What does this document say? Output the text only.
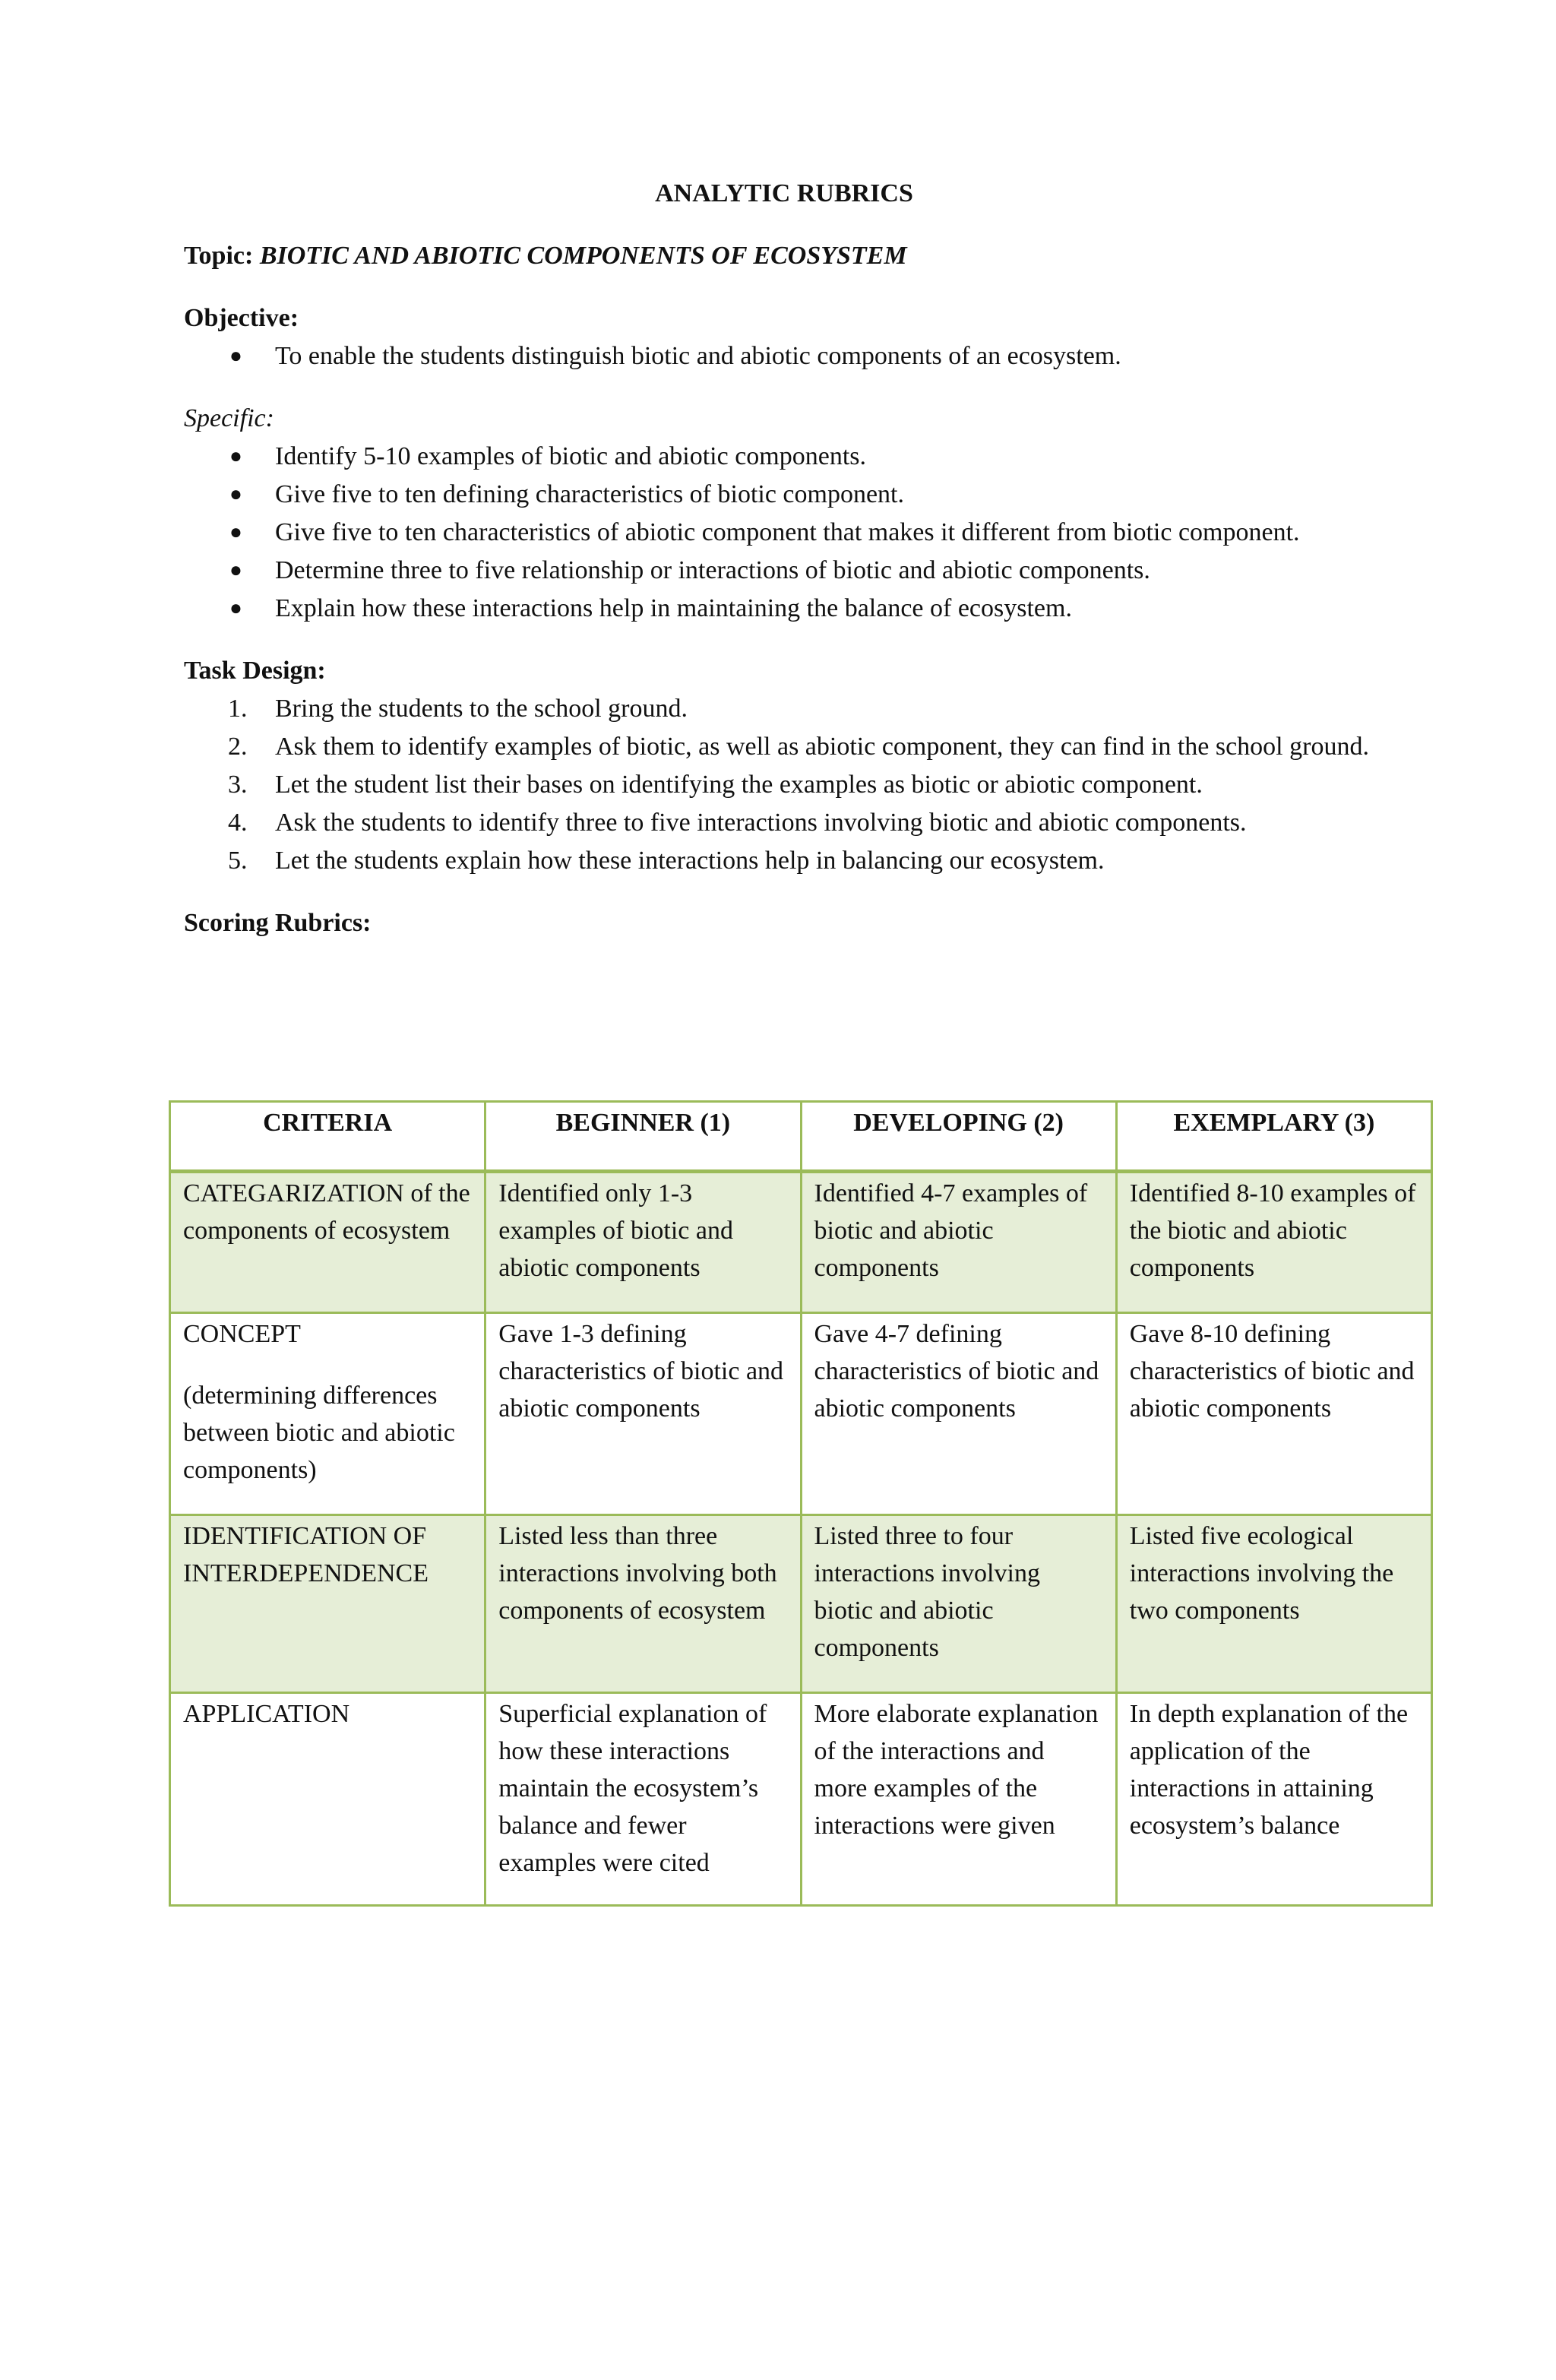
ANALYTIC RUBRICS
Topic: BIOTIC AND ABIOTIC COMPONENTS OF ECOSYSTEM
Objective:
● To enable the students distinguish biotic and abiotic components of an ecosystem.
Specific:
● Identify 5-10 examples of biotic and abiotic components.
● Give five to ten defining characteristics of biotic component.
● Give five to ten characteristics of abiotic component that makes it different from biotic component.
● Determine three to five relationship or interactions of biotic and abiotic components.
● Explain how these interactions help in maintaining the balance of ecosystem.
Task Design:
1. Bring the students to the school ground.
2. Ask them to identify examples of biotic, as well as abiotic component, they can find in the school ground.
3. Let the student list their bases on identifying the examples as biotic or abiotic component.
4. Ask the students to identify three to five interactions involving biotic and abiotic components.
5. Let the students explain how these interactions help in balancing our ecosystem.
Scoring Rubrics:
CRITERIA	BEGINNER (1)	DEVELOPING (2)	EXEMPLARY (3)

CATEGARIZATION of the components of ecosystem	Identified only 1-3 examples of biotic and abiotic components	Identified 4-7 examples of biotic and abiotic components	Identified 8-10 examples of the biotic and abiotic components

CONCEPT

(determining differences between biotic and abiotic components)	Gave 1-3 defining characteristics of biotic and abiotic components	Gave 4-7 defining characteristics of biotic and abiotic components	Gave 8-10 defining characteristics of biotic and abiotic components

IDENTIFICATION OF INTERDEPENDENCE	Listed less than three interactions involving both components of ecosystem	Listed three to four interactions involving biotic and abiotic components	Listed five ecological interactions involving the two components

APPLICATION	Superficial explanation of how these interactions maintain the ecosystem’s balance and fewer examples were cited	More elaborate explanation of the interactions and more examples of the interactions were given	In depth explanation of the application of the interactions in attaining ecosystem’s balance
